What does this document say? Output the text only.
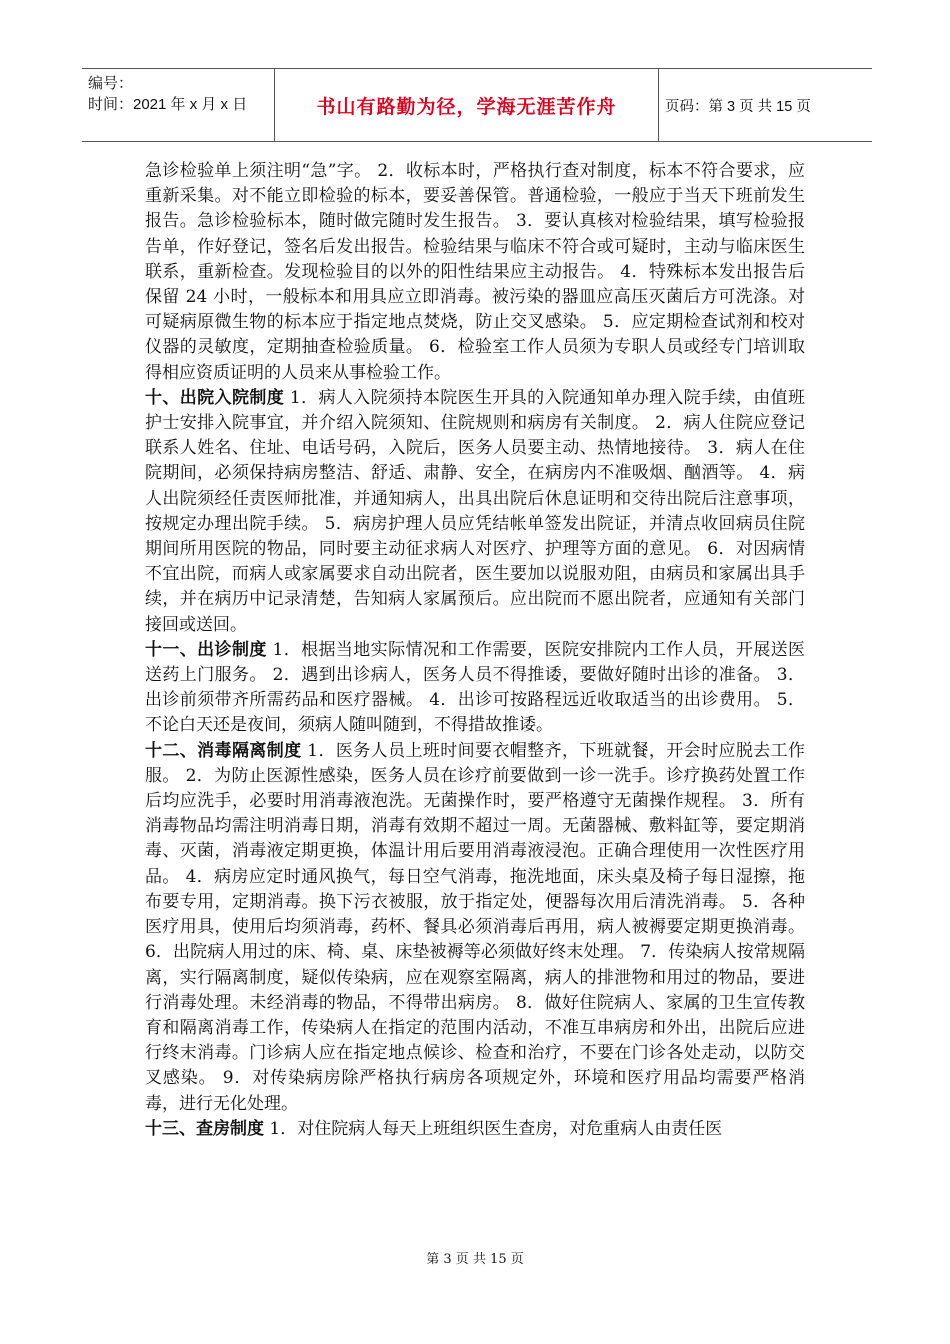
编号：
时间：2021 年 x 月 x 日	书山有路勤为径，学海无涯苦作舟	页码：第 3 页 共 15 页

急诊检验单上须注明“急”字。 2．收标本时，严格执行查对制度，标本不符合要求，应重新采集。对不能立即检验的标本，要妥善保管。普通检验，一般应于当天下班前发生报告。急诊检验标本，随时做完随时发生报告。 3．要认真核对检验结果，填写检验报告单，作好登记，签名后发出报告。检验结果与临床不符合或可疑时，主动与临床医生联系，重新检查。发现检验目的以外的阳性结果应主动报告。 4．特殊标本发出报告后保留 24 小时，一般标本和用具应立即消毒。被污染的器皿应高压灭菌后方可洗涤。对可疑病原微生物的标本应于指定地点焚烧，防止交叉感染。 5．应定期检查试剂和校对仪器的灵敏度，定期抽查检验质量。 6．检验室工作人员须为专职人员或经专门培训取得相应资质证明的人员来从事检验工作。

十、出院入院制度 1．病人入院须持本院医生开具的入院通知单办理入院手续，由值班护士安排入院事宜，并介绍入院须知、住院规则和病房有关制度。 2．病人住院应登记联系人姓名、住址、电话号码，入院后，医务人员要主动、热情地接待。 3．病人在住院期间，必须保持病房整洁、舒适、肃静、安全，在病房内不准吸烟、酗酒等。 4．病人出院须经任责医师批准，并通知病人，出具出院后休息证明和交待出院后注意事项，按规定办理出院手续。 5．病房护理人员应凭结帐单签发出院证，并清点收回病员住院期间所用医院的物品，同时要主动征求病人对医疗、护理等方面的意见。 6．对因病情不宜出院，而病人或家属要求自动出院者，医生要加以说服劝阻，由病员和家属出具手续，并在病历中记录清楚，告知病人家属预后。应出院而不愿出院者，应通知有关部门接回或送回。

十一、出诊制度 1．根据当地实际情况和工作需要，医院安排院内工作人员，开展送医送药上门服务。 2．遇到出诊病人，医务人员不得推诿，要做好随时出诊的准备。 3．出诊前须带齐所需药品和医疗器械。 4．出诊可按路程远近收取适当的出诊费用。 5．不论白天还是夜间，须病人随叫随到，不得措故推诿。

十二、消毒隔离制度 1．医务人员上班时间要衣帽整齐，下班就餐，开会时应脱去工作服。 2．为防止医源性感染，医务人员在诊疗前要做到一诊一洗手。诊疗换药处置工作后均应洗手，必要时用消毒液泡洗。无菌操作时，要严格遵守无菌操作规程。 3．所有消毒物品均需注明消毒日期，消毒有效期不超过一周。无菌器械、敷料缸等，要定期消毒、灭菌，消毒液定期更换，体温计用后要用消毒液浸泡。正确合理使用一次性医疗用品。 4．病房应定时通风换气，每日空气消毒，拖洗地面，床头桌及椅子每日湿擦，拖布要专用，定期消毒。换下污衣被服，放于指定处，便器每次用后清洗消毒。 5．各种医疗用具，使用后均须消毒，药杯、餐具必须消毒后再用，病人被褥要定期更换消毒。 6．出院病人用过的床、椅、桌、床垫被褥等必须做好终末处理。 7．传染病人按常规隔离，实行隔离制度，疑似传染病，应在观察室隔离，病人的排泄物和用过的物品，要进行消毒处理。未经消毒的物品，不得带出病房。 8．做好住院病人、家属的卫生宣传教育和隔离消毒工作，传染病人在指定的范围内活动，不准互串病房和外出，出院后应进行终末消毒。门诊病人应在指定地点候诊、检查和治疗，不要在门诊各处走动，以防交叉感染。 9．对传染病房除严格执行病房各项规定外，环境和医疗用品均需要严格消毒，进行无化处理。

十三、查房制度 1．对住院病人每天上班组织医生查房，对危重病人由责任医

第 3 页 共 15 页
